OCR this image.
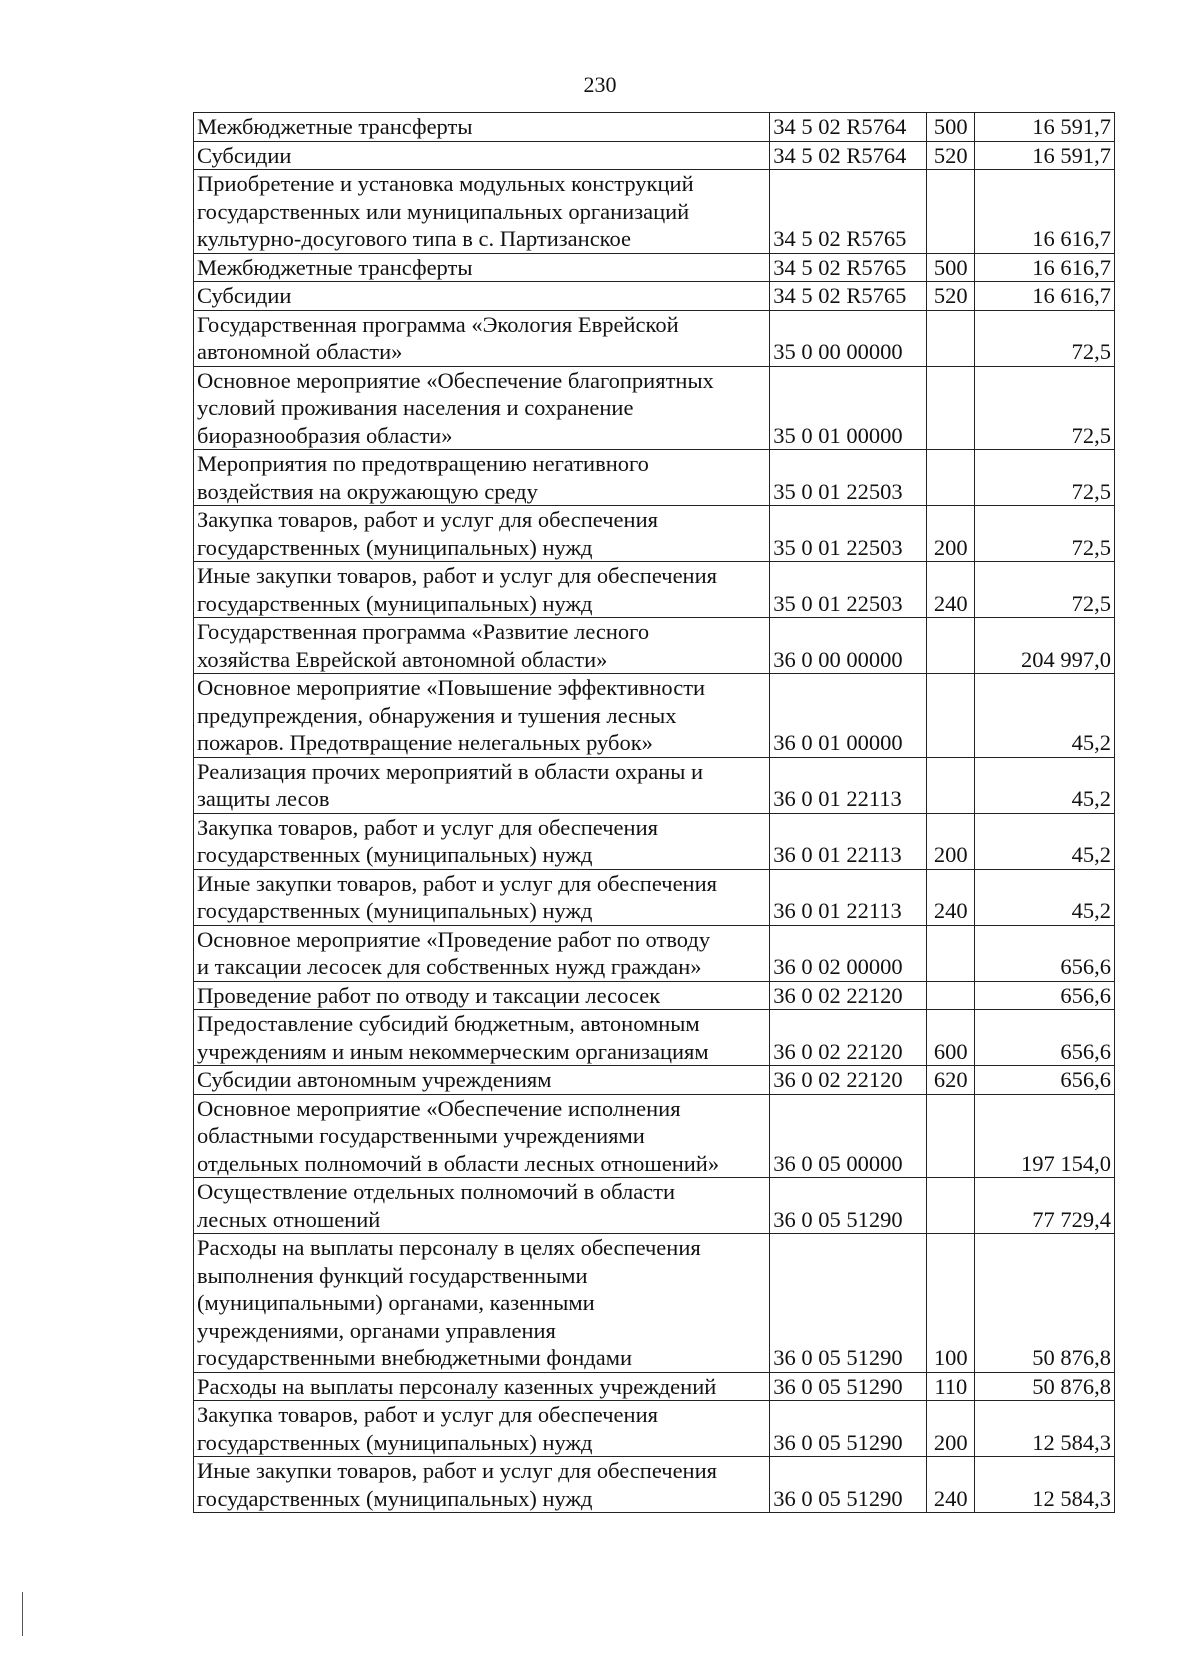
230
Межбюджетные трансферты	34 5 02 R5764	500	16 591,7
Субсидии	34 5 02 R5764	520	16 591,7
Приобретение и установка модульных конструкций
государственных или муниципальных организаций
культурно-досугового типа в с. Партизанское	34 5 02 R5765		16 616,7
Межбюджетные трансферты	34 5 02 R5765	500	16 616,7
Субсидии	34 5 02 R5765	520	16 616,7
Государственная программа «Экология Еврейской
автономной области»	35 0 00 00000		72,5
Основное мероприятие «Обеспечение благоприятных
условий проживания населения и сохранение
биоразнообразия области»	35 0 01 00000		72,5
Мероприятия по предотвращению негативного
воздействия на окружающую среду	35 0 01 22503		72,5
Закупка товаров, работ и услуг для обеспечения
государственных (муниципальных) нужд	35 0 01 22503	200	72,5
Иные закупки товаров, работ и услуг для обеспечения
государственных (муниципальных) нужд	35 0 01 22503	240	72,5
Государственная программа «Развитие лесного
хозяйства Еврейской автономной области»	36 0 00 00000		204 997,0
Основное мероприятие «Повышение эффективности
предупреждения, обнаружения и тушения лесных
пожаров. Предотвращение нелегальных рубок»	36 0 01 00000		45,2
Реализация прочих мероприятий в области охраны и
защиты лесов	36 0 01 22113		45,2
Закупка товаров, работ и услуг для обеспечения
государственных (муниципальных) нужд	36 0 01 22113	200	45,2
Иные закупки товаров, работ и услуг для обеспечения
государственных (муниципальных) нужд	36 0 01 22113	240	45,2
Основное мероприятие «Проведение работ по отводу
и таксации лесосек для собственных нужд граждан»	36 0 02 00000		656,6
Проведение работ по отводу и таксации лесосек	36 0 02 22120		656,6
Предоставление субсидий бюджетным, автономным
учреждениям и иным некоммерческим организациям	36 0 02 22120	600	656,6
Субсидии автономным учреждениям	36 0 02 22120	620	656,6
Основное мероприятие «Обеспечение исполнения
областными государственными учреждениями
отдельных полномочий в области лесных отношений»	36 0 05 00000		197 154,0
Осуществление отдельных полномочий в области
лесных отношений	36 0 05 51290		77 729,4
Расходы на выплаты персоналу в целях обеспечения
выполнения функций государственными
(муниципальными) органами, казенными
учреждениями, органами управления
государственными внебюджетными фондами	36 0 05 51290	100	50 876,8
Расходы на выплаты персоналу казенных учреждений	36 0 05 51290	110	50 876,8
Закупка товаров, работ и услуг для обеспечения
государственных (муниципальных) нужд	36 0 05 51290	200	12 584,3
Иные закупки товаров, работ и услуг для обеспечения
государственных (муниципальных) нужд	36 0 05 51290	240	12 584,3
